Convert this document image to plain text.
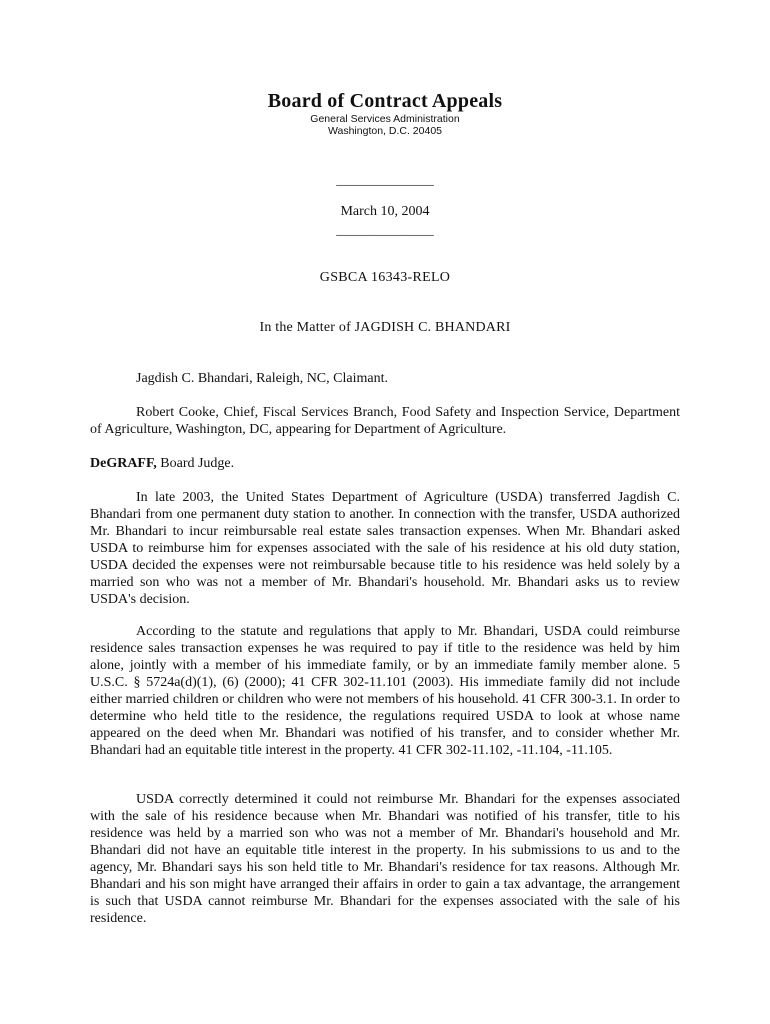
Board of Contract Appeals
General Services Administration
Washington, D.C. 20405
_______________
March 10, 2004
_______________
GSBCA 16343-RELO
In the Matter of JAGDISH C. BHANDARI

Jagdish C. Bhandari, Raleigh, NC, Claimant.

Robert Cooke, Chief, Fiscal Services Branch, Food Safety and Inspection Service, Department of Agriculture, Washington, DC, appearing for Department of Agriculture.

DeGRAFF, Board Judge.

In late 2003, the United States Department of Agriculture (USDA) transferred Jagdish C. Bhandari from one permanent duty station to another. In connection with the transfer, USDA authorized Mr. Bhandari to incur reimbursable real estate sales transaction expenses. When Mr. Bhandari asked USDA to reimburse him for expenses associated with the sale of his residence at his old duty station, USDA decided the expenses were not reimbursable because title to his residence was held solely by a married son who was not a member of Mr. Bhandari's household. Mr. Bhandari asks us to review USDA's decision.

According to the statute and regulations that apply to Mr. Bhandari, USDA could reimburse residence sales transaction expenses he was required to pay if title to the residence was held by him alone, jointly with a member of his immediate family, or by an immediate family member alone. 5 U.S.C. § 5724a(d)(1), (6) (2000); 41 CFR 302-11.101 (2003). His immediate family did not include either married children or children who were not members of his household. 41 CFR 300-3.1. In order to determine who held title to the residence, the regulations required USDA to look at whose name appeared on the deed when Mr. Bhandari was notified of his transfer, and to consider whether Mr. Bhandari had an equitable title interest in the property. 41 CFR 302-11.102, -11.104, -11.105.

USDA correctly determined it could not reimburse Mr. Bhandari for the expenses associated with the sale of his residence because when Mr. Bhandari was notified of his transfer, title to his residence was held by a married son who was not a member of Mr. Bhandari's household and Mr. Bhandari did not have an equitable title interest in the property. In his submissions to us and to the agency, Mr. Bhandari says his son held title to Mr. Bhandari's residence for tax reasons. Although Mr. Bhandari and his son might have arranged their affairs in order to gain a tax advantage, the arrangement is such that USDA cannot reimburse Mr. Bhandari for the expenses associated with the sale of his residence.
